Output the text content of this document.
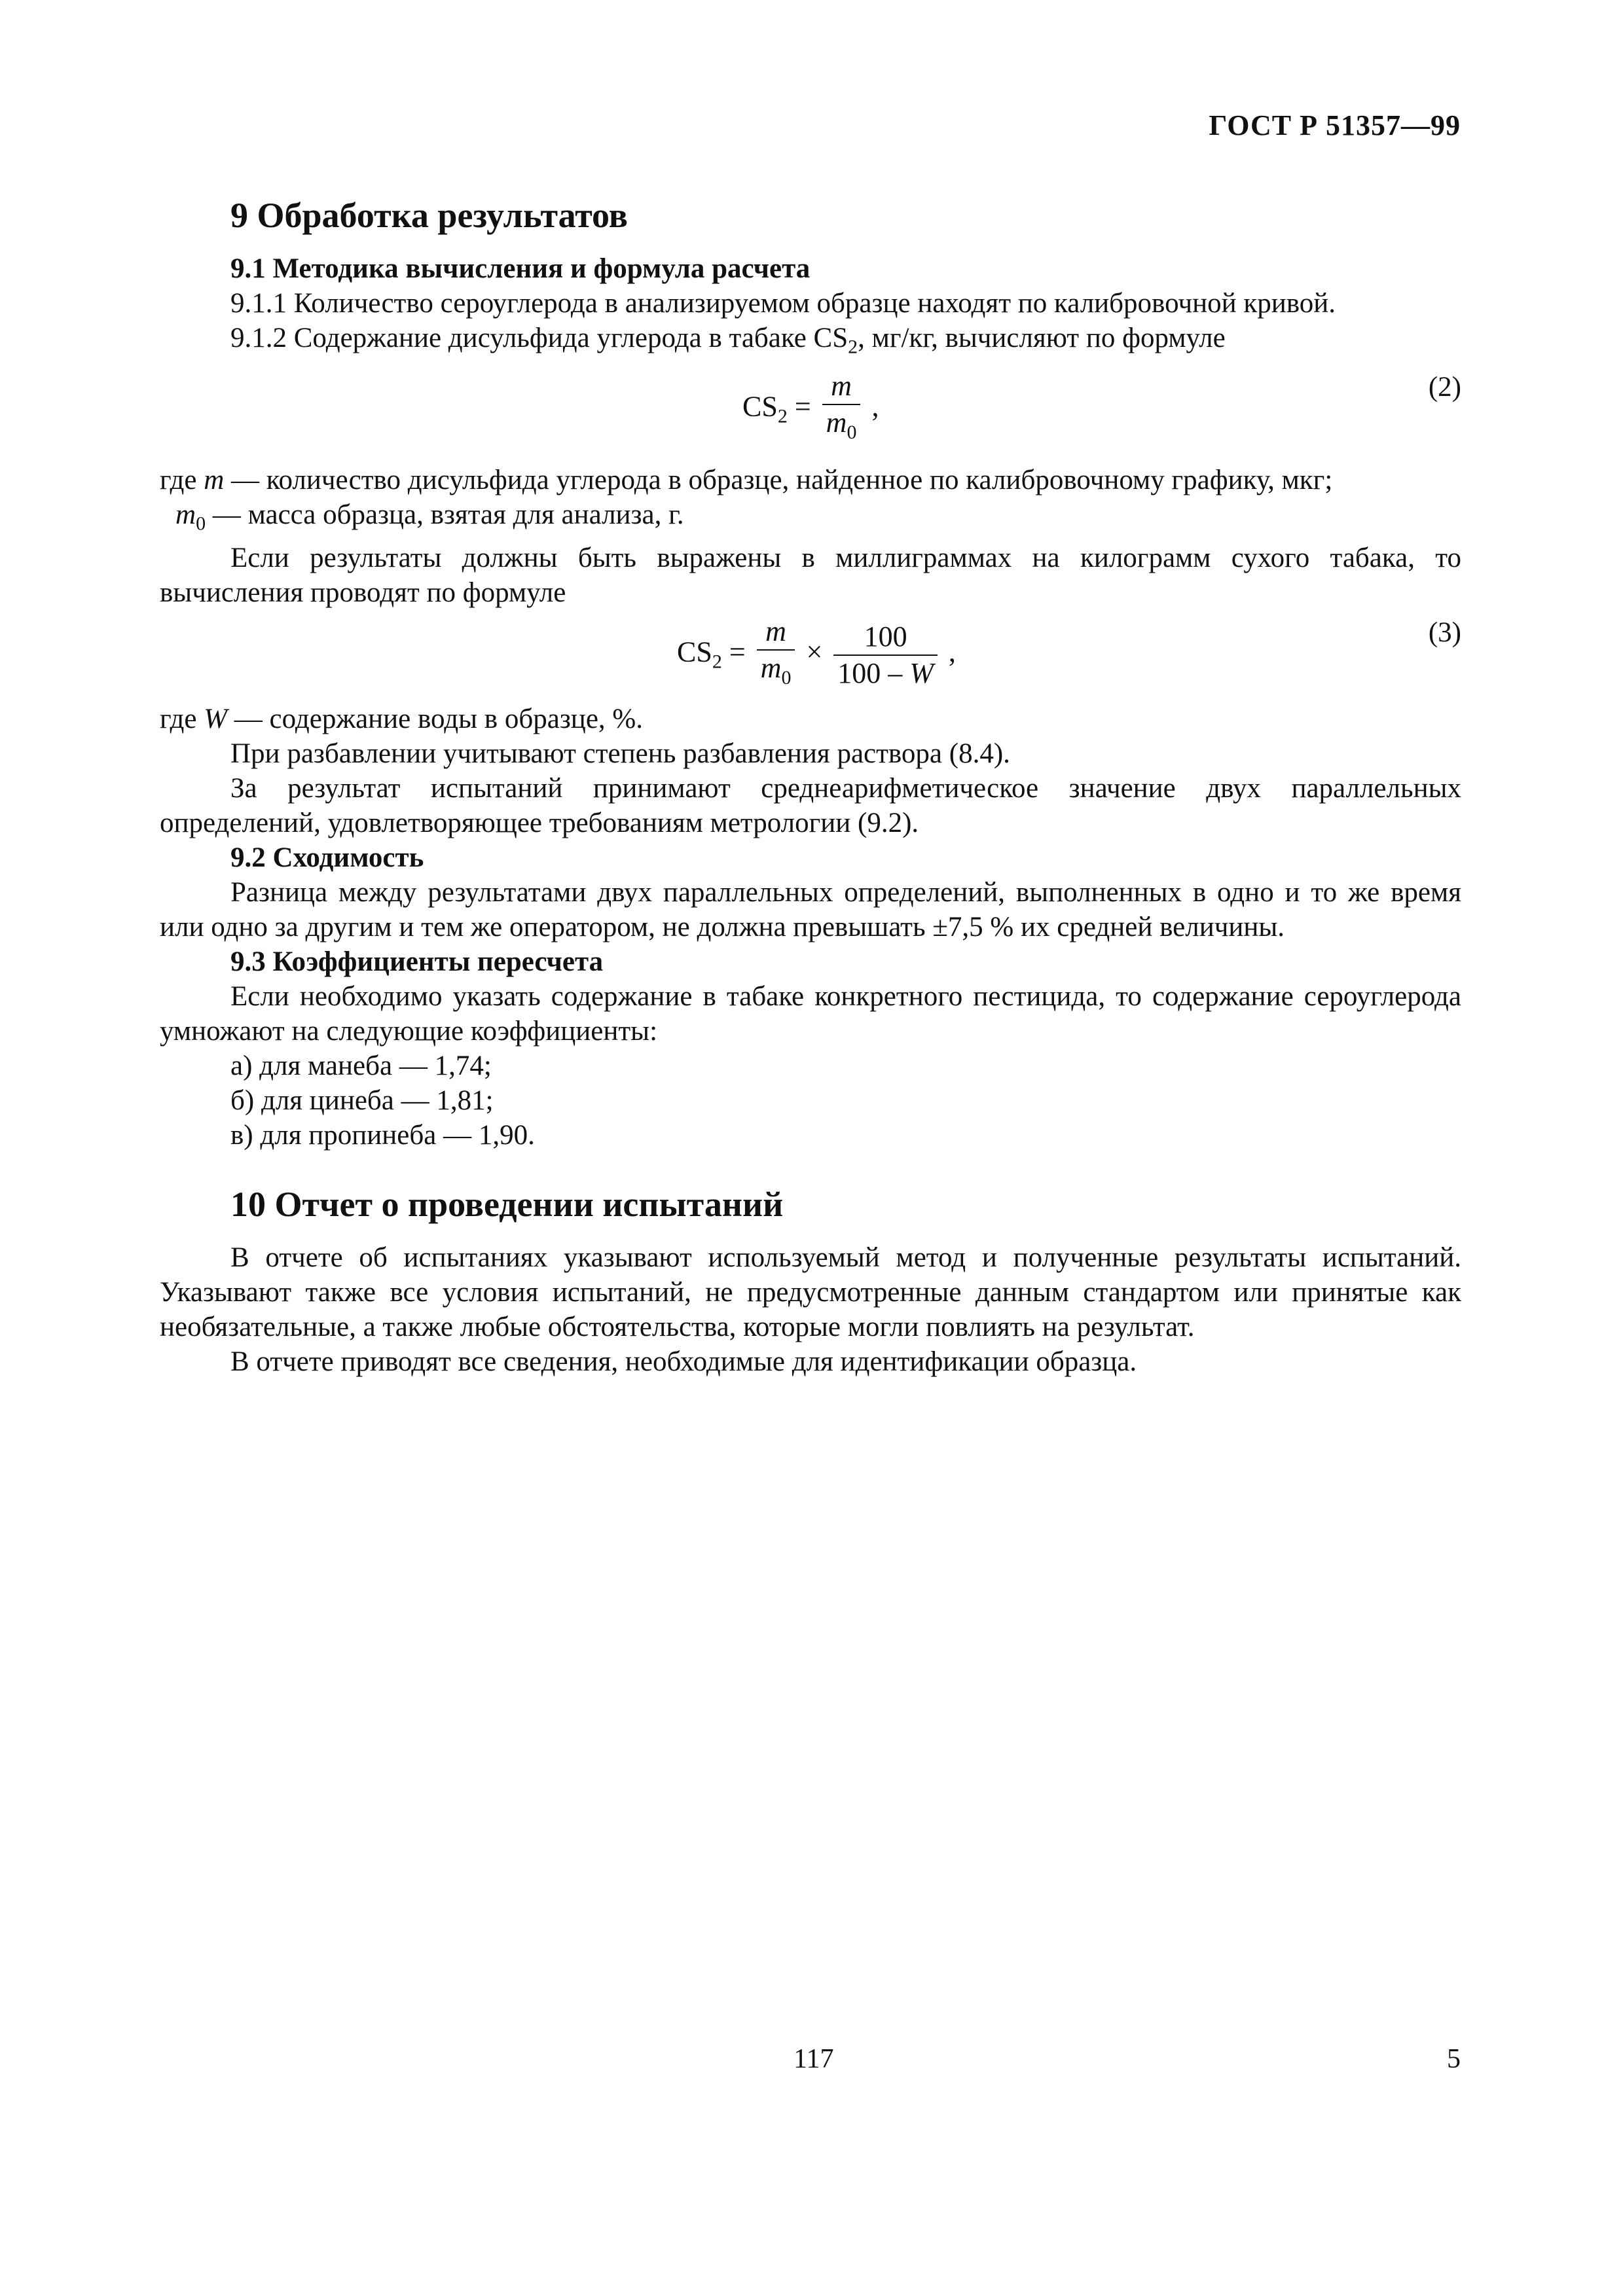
ГОСТ Р 51357—99
9 Обработка результатов
9.1 Методика вычисления и формула расчета

9.1.1 Количество сероуглерода в анализируемом образце находят по калибровочной кривой.

9.1.2 Содержание дисульфида углерода в табаке $CS_2$, мг/кг, вычисляют по формуле

$CS_2 = \frac{m}{m_0}$ ,
(2)

где m — количество дисульфида углерода в образце, найденное по калибровочному графику, мкг;

$m_0$ — масса образца, взятая для анализа, г.

Если результаты должны быть выражены в миллиграммах на килограмм сухого табака, то вычисления проводят по формуле

$CS_2 = \frac{m}{m_0} \times \frac{100}{100 - W}$ ,
(3)

где W — содержание воды в образце, %.

При разбавлении учитывают степень разбавления раствора (8.4).

За результат испытаний принимают среднеарифметическое значение двух параллельных определений, удовлетворяющее требованиям метрологии (9.2).

9.2 Сходимость

Разница между результатами двух параллельных определений, выполненных в одно и то же время или одно за другим и тем же оператором, не должна превышать ±7,5 % их средней величины.

9.3 Коэффициенты пересчета

Если необходимо указать содержание в табаке конкретного пестицида, то содержание сероуглерода умножают на следующие коэффициенты:

а) для манеба — 1,74;

б) для цинеба — 1,81;

в) для пропинеба — 1,90.

10 Отчет о проведении испытаний

В отчете об испытаниях указывают используемый метод и полученные результаты испытаний. Указывают также все условия испытаний, не предусмотренные данным стандартом или принятые как необязательные, а также любые обстоятельства, которые могли повлиять на результат.

В отчете приводят все сведения, необходимые для идентификации образца.

117	5
